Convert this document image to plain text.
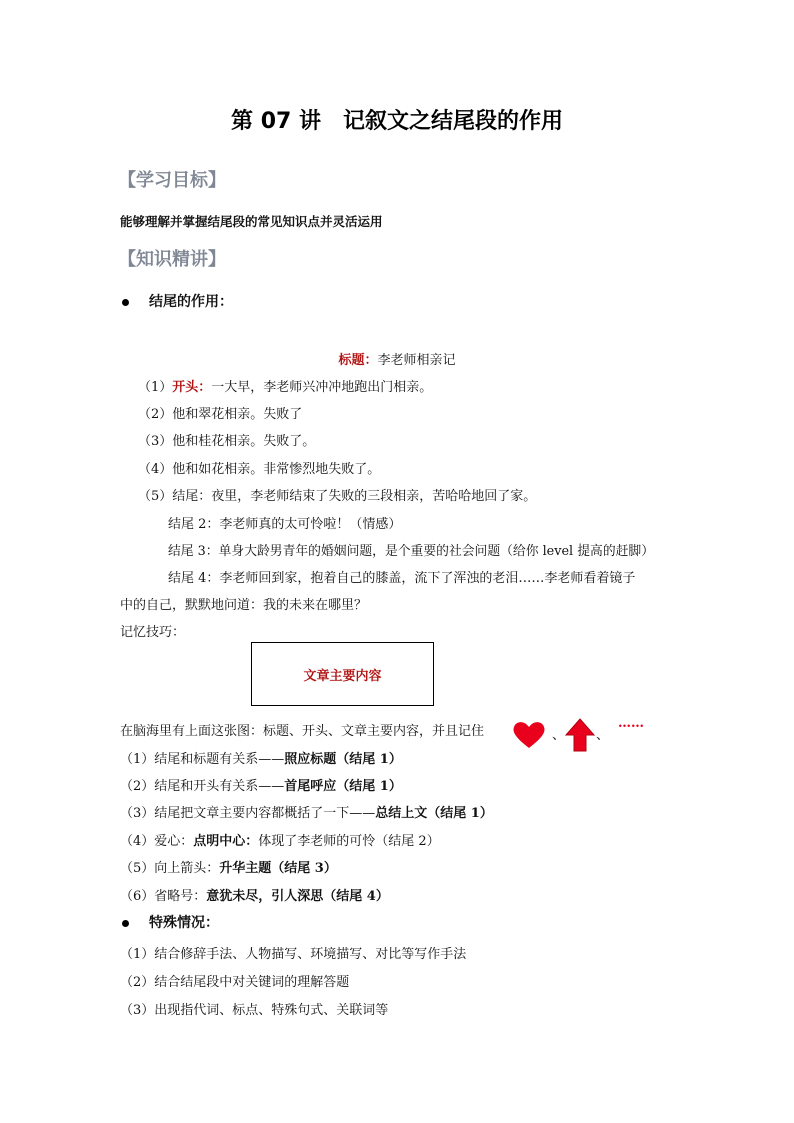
第 07 讲　记叙文之结尾段的作用
【学习目标】
能够理解并掌握结尾段的常见知识点并灵活运用
【知识精讲】
结尾的作用：
标题：李老师相亲记
（1）开头：一大早，李老师兴冲冲地跑出门相亲。
（2）他和翠花相亲。失败了
（3）他和桂花相亲。失败了。
（4）他和如花相亲。非常惨烈地失败了。
（5）结尾：夜里，李老师结束了失败的三段相亲，苦哈哈地回了家。
结尾 2：李老师真的太可怜啦！（情感）
结尾 3：单身大龄男青年的婚姻问题，是个重要的社会问题（给你 level 提高的赶脚）
结尾 4：李老师回到家，抱着自己的膝盖，流下了浑浊的老泪……李老师看着镜子
中的自己，默默地问道：我的未来在哪里？
记忆技巧：
文章主要内容
在脑海里有上面这张图：标题、开头、文章主要内容，并且记住	、 、
……
（1）结尾和标题有关系——照应标题（结尾 1）
（2）结尾和开头有关系——首尾呼应（结尾 1）
（3）结尾把文章主要内容都概括了一下——总结上文（结尾 1）
（4）爱心：点明中心：体现了李老师的可怜（结尾 2）
（5）向上箭头：升华主题（结尾 3）
（6）省略号：意犹未尽，引人深思（结尾 4）
特殊情况：
（1）结合修辞手法、人物描写、环境描写、对比等写作手法
（2）结合结尾段中对关键词的理解答题
（3）出现指代词、标点、特殊句式、关联词等
